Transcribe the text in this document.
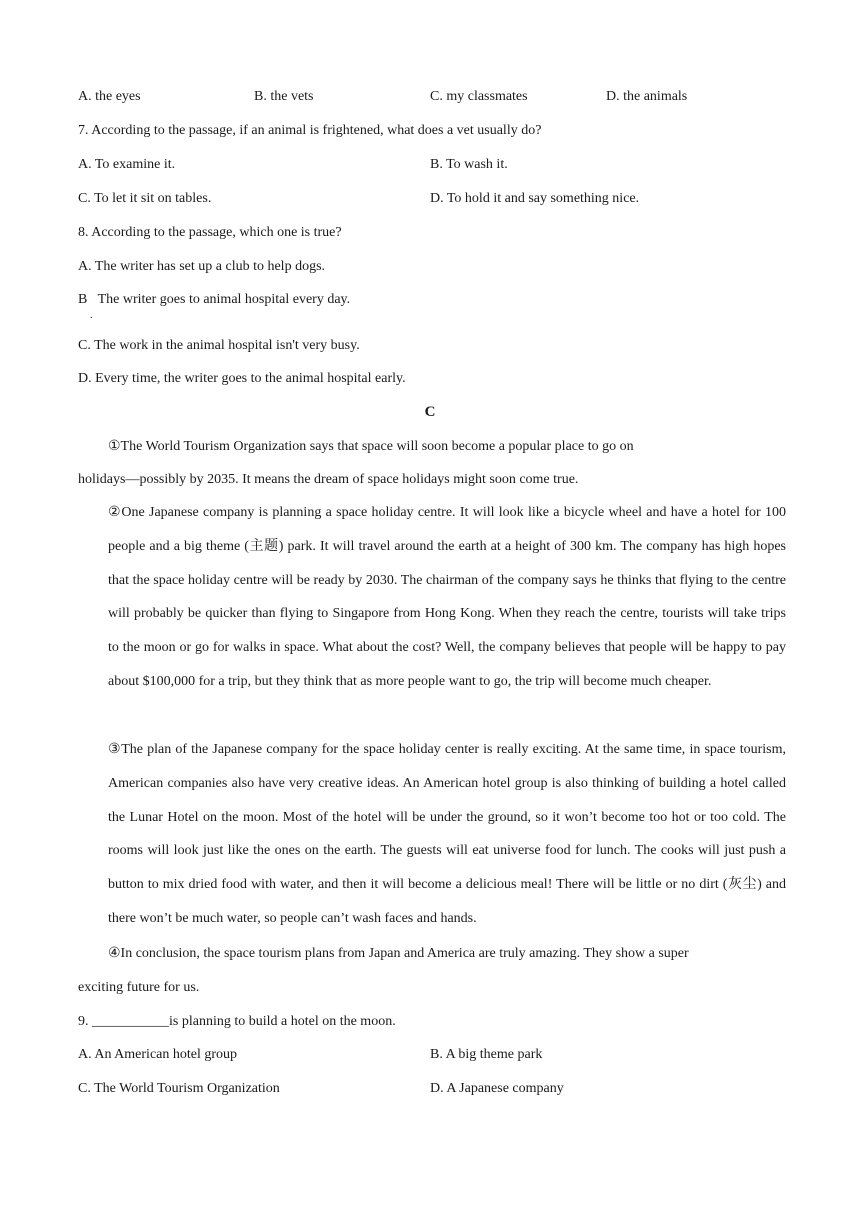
A. the eyes	B. the vets	C. my classmates	D. the animals
7. According to the passage, if an animal is frightened, what does a vet usually do?
A. To examine it.	B. To wash it.
C. To let it sit on tables.	D. To hold it and say something nice.
8. According to the passage, which one is true?
A. The writer has set up a club to help dogs.
B   The writer goes to animal hospital every day.
.
C. The work in the animal hospital isn't very busy.
D. Every time, the writer goes to the animal hospital early.
C
①The World Tourism Organization says that space will soon become a popular place to go on
holidays—possibly by 2035. It means the dream of space holidays might soon come true.
②One Japanese company is planning a space holiday centre. It will look like a bicycle wheel and have a hotel for 100 people and a big theme (主题) park. It will travel around the earth at a height of 300 km. The company has high hopes that the space holiday centre will be ready by 2030. The chairman of the company says he thinks that flying to the centre will probably be quicker than flying to Singapore from Hong Kong. When they reach the centre, tourists will take trips to the moon or go for walks in space. What about the cost? Well, the company believes that people will be happy to pay about $100,000 for a trip, but they think that as more people want to go, the trip will become much cheaper.
③The plan of the Japanese company for the space holiday center is really exciting. At the same time, in space tourism, American companies also have very creative ideas. An American hotel group is also thinking of building a hotel called the Lunar Hotel on the moon. Most of the hotel will be under the ground, so it won’t become too hot or too cold. The rooms will look just like the ones on the earth. The guests will eat universe food for lunch. The cooks will just push a button to mix dried food with water, and then it will become a delicious meal! There will be little or no dirt (灰尘) and there won’t be much water, so people can’t wash faces and hands.
④In conclusion, the space tourism plans from Japan and America are truly amazing. They show a super
exciting future for us.
9. ___________is planning to build a hotel on the moon.
A. An American hotel group	B. A big theme park
C. The World Tourism Organization	D. A Japanese company
